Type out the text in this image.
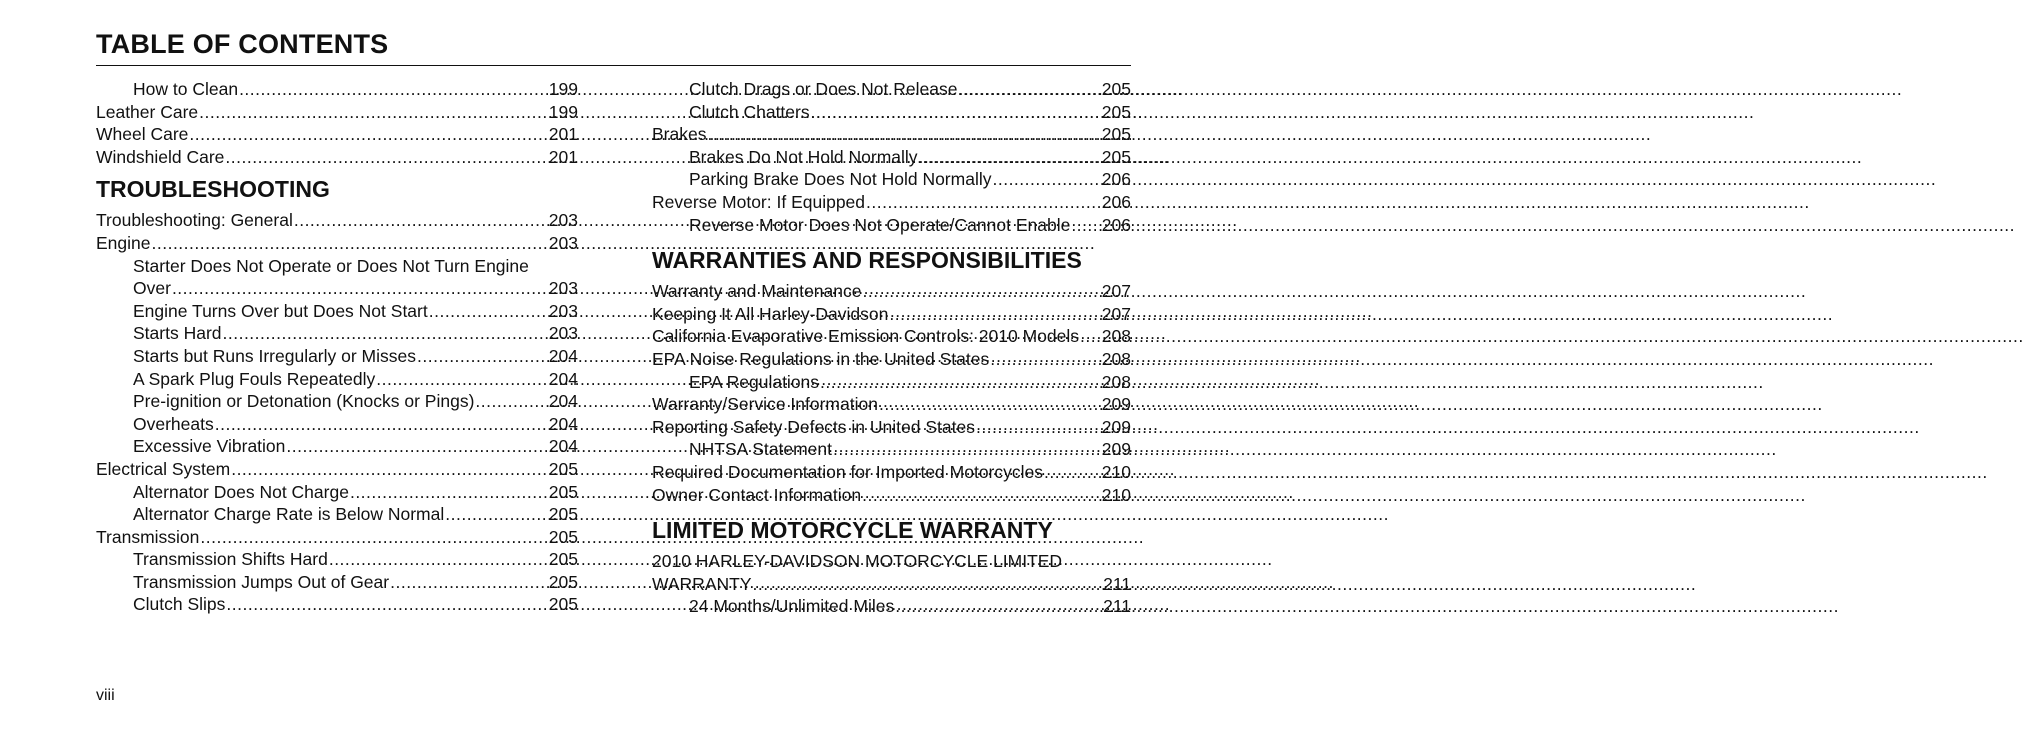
TABLE OF CONTENTS
How to Clean .....	199
Leather Care .....	199
Wheel Care .....	201
Windshield Care .....	201
TROUBLESHOOTING
Troubleshooting: General .....	203
Engine .....	203
Starter Does Not Operate or Does Not Turn Engine
Over .....	203
Engine Turns Over but Does Not Start .....	203
Starts Hard .....	203
Starts but Runs Irregularly or Misses .....	204
A Spark Plug Fouls Repeatedly .....	204
Pre-ignition or Detonation (Knocks or Pings) .....	204
Overheats .....	204
Excessive Vibration .....	204
Electrical System .....	205
Alternator Does Not Charge .....	205
Alternator Charge Rate is Below Normal .....	205
Transmission .....	205
Transmission Shifts Hard .....	205
Transmission Jumps Out of Gear .....	205
Clutch Slips .....	205
Clutch Drags or Does Not Release .....	205
Clutch Chatters .....	205
Brakes .....	205
Brakes Do Not Hold Normally .....	205
Parking Brake Does Not Hold Normally .....	206
Reverse Motor: If Equipped .....	206
Reverse Motor Does Not Operate/Cannot Enable ..... 206
WARRANTIES AND RESPONSIBILITIES
Warranty and Maintenance .....	207
Keeping It All Harley-Davidson .....	207
California Evaporative Emission Controls: 2010 Models ..... 208
EPA Noise Regulations in the United States .....	208
EPA Regulations .....	208
Warranty/Service Information .....	209
Reporting Safety Defects in United States .....	209
NHTSA Statement .....	209
Required Documentation for Imported Motorcycles .....	210
Owner Contact Information .....	210
LIMITED MOTORCYCLE WARRANTY
2010 HARLEY-DAVIDSON MOTORCYCLE LIMITED
WARRANTY .....	211
24 Months/Unlimited Miles .....	211
viii
